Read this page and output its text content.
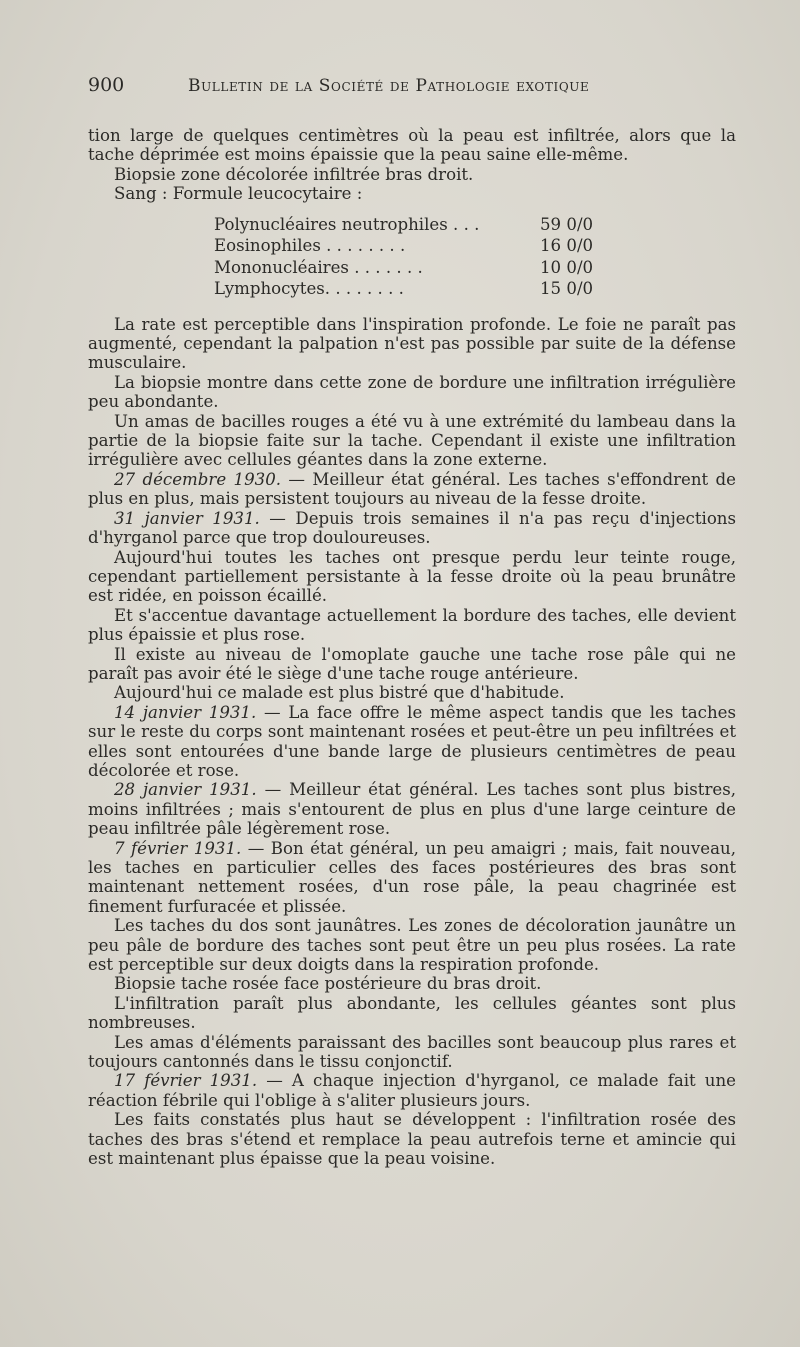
900	Bulletin de la Société de Pathologie exotique

tion large de quelques centimètres où la peau est infiltrée, alors que la tache déprimée est moins épaissie que la peau saine elle-même.

Biopsie zone décolorée infiltrée bras droit.

Sang : Formule leucocytaire :

Polynucléaires neutrophiles . . .	59 0/0
Eosinophiles . . . . . . . .	16 0/0
Mononucléaires . . . . . . .	10 0/0
Lymphocytes. . . . . . . .	15 0/0

La rate est perceptible dans l'inspiration profonde. Le foie ne paraît pas augmenté, cependant la palpation n'est pas possible par suite de la défense musculaire.

La biopsie montre dans cette zone de bordure une infiltration irrégulière peu abondante.

Un amas de bacilles rouges a été vu à une extrémité du lambeau dans la partie de la biopsie faite sur la tache. Cependant il existe une infiltration irrégulière avec cellules géantes dans la zone externe.

27 décembre 1930. — Meilleur état général. Les taches s'effondrent de plus en plus, mais persistent toujours au niveau de la fesse droite.

31 janvier 1931. — Depuis trois semaines il n'a pas reçu d'injections d'hyrganol parce que trop douloureuses.

Aujourd'hui toutes les taches ont presque perdu leur teinte rouge, cependant partiellement persistante à la fesse droite où la peau brunâtre est ridée, en poisson écaillé.

Et s'accentue davantage actuellement la bordure des taches, elle devient plus épaissie et plus rose.

Il existe au niveau de l'omoplate gauche une tache rose pâle qui ne paraît pas avoir été le siège d'une tache rouge antérieure.

Aujourd'hui ce malade est plus bistré que d'habitude.

14 janvier 1931. — La face offre le même aspect tandis que les taches sur le reste du corps sont maintenant rosées et peut-être un peu infiltrées et elles sont entourées d'une bande large de plusieurs centimètres de peau décolorée et rose.

28 janvier 1931. — Meilleur état général. Les taches sont plus bistres, moins infiltrées ; mais s'entourent de plus en plus d'une large ceinture de peau infiltrée pâle légèrement rose.

7 février 1931. — Bon état général, un peu amaigri ; mais, fait nouveau, les taches en particulier celles des faces postérieures des bras sont maintenant nettement rosées, d'un rose pâle, la peau chagrinée est finement furfuracée et plissée.

Les taches du dos sont jaunâtres. Les zones de décoloration jaunâtre un peu pâle de bordure des taches sont peut être un peu plus rosées. La rate est perceptible sur deux doigts dans la respiration profonde.

Biopsie tache rosée face postérieure du bras droit.

L'infiltration paraît plus abondante, les cellules géantes sont plus nombreuses.

Les amas d'éléments paraissant des bacilles sont beaucoup plus rares et toujours cantonnés dans le tissu conjonctif.

17 février 1931. — A chaque injection d'hyrganol, ce malade fait une réaction fébrile qui l'oblige à s'aliter plusieurs jours.

Les faits constatés plus haut se développent : l'infiltration rosée des taches des bras s'étend et remplace la peau autrefois terne et amincie qui est maintenant plus épaisse que la peau voisine.
